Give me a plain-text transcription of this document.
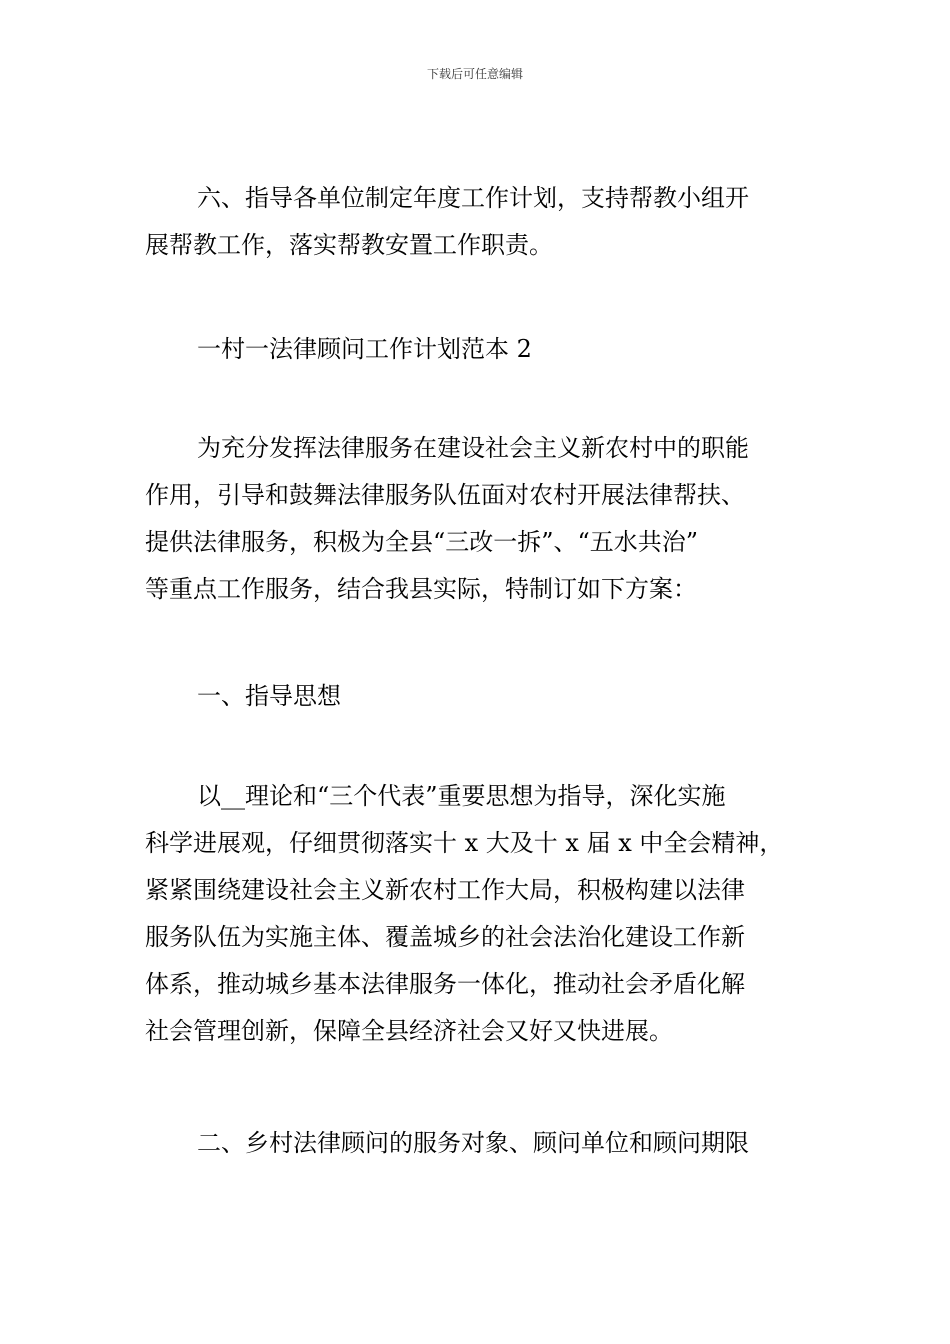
下载后可任意编辑
六、指导各单位制定年度工作计划，支持帮教小组开
展帮教工作，落实帮教安置工作职责。
一村一法律顾问工作计划范本 2
为充分发挥法律服务在建设社会主义新农村中的职能
作用，引导和鼓舞法律服务队伍面对农村开展法律帮扶、
提供法律服务，积极为全县“三改一拆”、“五水共治”
等重点工作服务，结合我县实际，特制订如下方案：
一、指导思想
以__理论和“三个代表”重要思想为指导，深化实施
科学进展观，仔细贯彻落实十 x 大及十 x 届 x 中全会精神，
紧紧围绕建设社会主义新农村工作大局，积极构建以法律
服务队伍为实施主体、覆盖城乡的社会法治化建设工作新
体系，推动城乡基本法律服务一体化，推动社会矛盾化解
社会管理创新，保障全县经济社会又好又快进展。
二、乡村法律顾问的服务对象、顾问单位和顾问期限
